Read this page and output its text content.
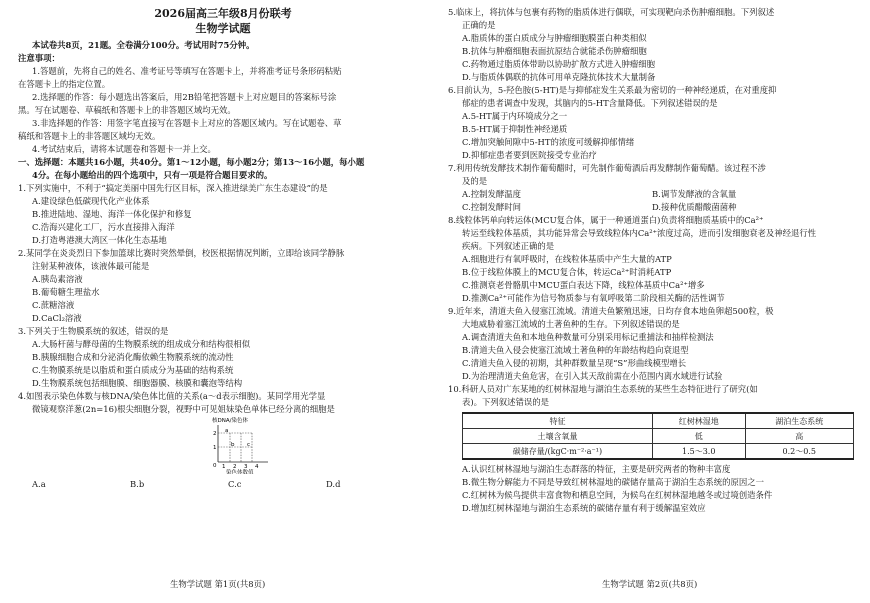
2026届高三年级8月份联考
生物学试题
本试卷共8页，21题。全卷满分100分。考试用时75分钟。
注意事项：
1.答题前，先将自己的姓名、准考证号等填写在答题卡上，并将准考证号条形码粘贴
在答题卡上的指定位置。
2.选择题的作答：每小题选出答案后，用2B铅笔把答题卡上对应题目的答案标号涂
黑。写在试题卷、草稿纸和答题卡上的非答题区域均无效。
3.非选择题的作答：用签字笔直接写在答题卡上对应的答题区域内。写在试题卷、草
稿纸和答题卡上的非答题区域均无效。
4.考试结束后，请将本试题卷和答题卡一并上交。
一、选择题：本题共16小题，共40分。第1～12小题，每小题2分；第13～16小题，每小题
4分。在每小题给出的四个选项中，只有一项是符合题目要求的。
1.下列实施中，不利于“搞定美丽中国先行区目标，深入推进绿美广东生态建设”的是
A.建设绿色低碳现代化产业体系
B.推进陆地、湿地、海洋一体化保护和修复
C.浩海兴建化工厂，污水直接排入海洋
D.打造粤港澳大湾区一体化生态基地
2.某同学在炎炎烈日下参加篮球比赛时突然晕倒，校医根据情况判断，立即给该同学静脉
注射某种液体，该液体最可能是
A.胰岛素溶液
B.葡萄糖生理盐水
C.蔗糖溶液
D.CaCl₂溶液
3.下列关于生物膜系统的叙述，错误的是
A.大肠杆菌与酵母菌的生物膜系统的组成成分和结构很相似
B.胰腺细胞合成和分泌消化酶依赖生物膜系统的流动性
C.生物膜系统是以脂质和蛋白质成分为基础的结构系统
D.生物膜系统包括细胞膜、细胞器膜、核膜和囊泡等结构
4.如图表示染色体数与核DNA/染色体比值的关系(a～d表示细胞)。某同学用光学显
微镜观察洋葱(2n=16)根尖细胞分裂，视野中可见姐妹染色单体已经分离的细胞是
核DNA/染色体
2
1
0
a
b c
1 2 3 4
染色体数值
A.a	B.b	C.c	D.d
生物学试题 第1页(共8页)
5.临床上，将抗体与包裹有药物的脂质体进行偶联，可实现靶向杀伤肿瘤细胞。下列叙述
正确的是
A.脂质体的蛋白质成分与肿瘤细胞膜蛋白种类相似
B.抗体与肿瘤细胞表面抗原结合就能杀伤肿瘤细胞
C.药物通过脂质体带助以协助扩散方式进入肿瘤细胞
D.与脂质体偶联的抗体可用单克隆抗体技术大量制备
6.目前认为，5-羟色胺(5-HT)是与抑郁症发生关系最为密切的一种神经递质，在对重度抑
郁症的患者调查中发现，其脑内的5-HT含量降低。下列叙述错误的是
A.5-HT属于内环境成分之一
B.5-HT属于抑制性神经递质
C.增加突触间隙中5-HT的浓度可缓解抑郁情绪
D.抑郁症患者要到医院接受专业治疗
7.利用传统发酵技术制作葡萄醋时，可先制作葡萄酒后再发酵制作葡萄醋。该过程不涉
及的是
A.控制发酵温度	B.调节发酵液的含氧量
C.控制发酵时间	D.接种优质醋酸菌菌种
8.线粒体钙单向转运体(MCU复合体，属于一种通道蛋白)负责将细胞质基质中的Ca²⁺
转运至线粒体基质，其功能异常会导致线粒体内Ca²⁺浓度过高，进而引发细胞衰老及神经退行性
疾病。下列叙述正确的是
A.细胞进行有氧呼吸时，在线粒体基质中产生大量的ATP
B.位于线粒体膜上的MCU复合体，转运Ca²⁺时消耗ATP
C.推测衰老骨骼肌中MCU蛋白表达下降，线粒体基质中Ca²⁺增多
D.推测Ca²⁺可能作为信号物质参与有氧呼吸第二阶段相关酶的活性调节
9.近年来，清道夫鱼入侵塞江流域。清道夫鱼繁殖迅速，日均存食本地鱼卵超500粒，极
大地威胁着塞江流域的土著鱼种的生存。下列叙述错误的是
A.调查清道夫鱼和本地鱼种数量可分别采用标记重捕法和抽样检测法
B.清道夫鱼入侵会使塞江流域土著鱼种的年龄结构趋向衰退型
C.清道夫鱼入侵的初期，其种群数量呈现“S”形曲线模型增长
D.为治理清道夫鱼危害，在引入其天敌前需在小范围内离水域进行试验
10.科研人员对广东某地的红树林湿地与湖泊生态系统的某些生态特征进行了研究(如
表)。下列叙述错误的是
特征	红树林湿地	湖泊生态系统
土壤含氧量	低	高
碳储存量/(kgC·m⁻²·a⁻¹)	1.5～3.0	0.2～0.5
A.认识红树林湿地与湖泊生态群落的特征，主要是研究两者的物种丰富度
B.微生物分解能力不同是导致红树林湿地的碳储存量高于湖泊生态系统的原因之一
C.红树林为候鸟提供丰富食物和栖息空间，为候鸟在红树林湿地越冬或过境创造条件
D.增加红树林湿地与湖泊生态系统的碳储存量有利于缓解温室效应
生物学试题 第2页(共8页)
